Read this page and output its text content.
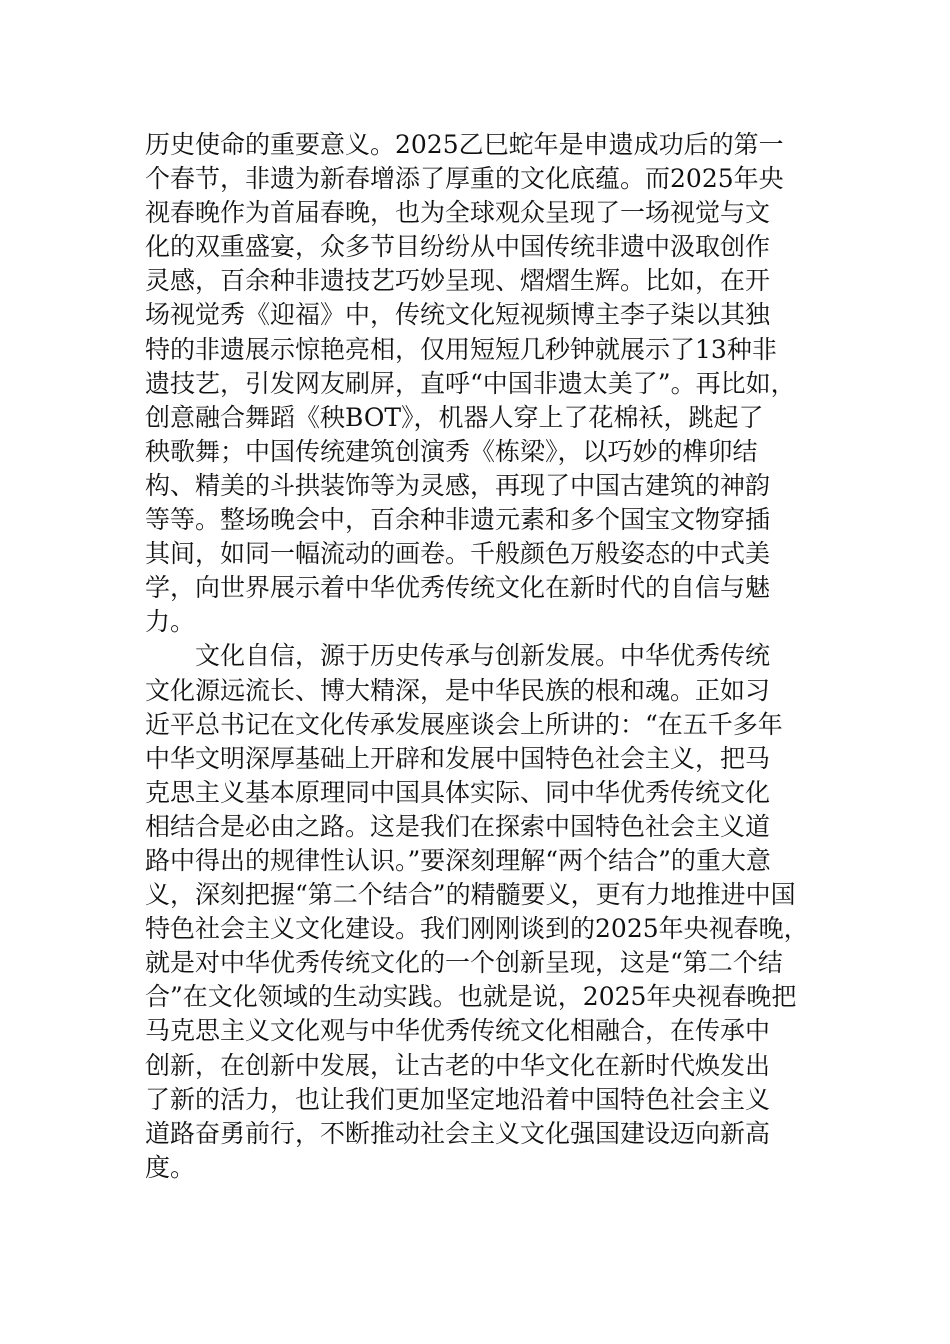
历史使命的重要意义。2025乙巳蛇年是申遗成功后的第一
个春节，非遗为新春增添了厚重的文化底蕴。而2025年央
视春晚作为首届春晚，也为全球观众呈现了一场视觉与文
化的双重盛宴，众多节目纷纷从中国传统非遗中汲取创作
灵感，百余种非遗技艺巧妙呈现、熠熠生辉。比如，在开
场视觉秀《迎福》中，传统文化短视频博主李子柒以其独
特的非遗展示惊艳亮相，仅用短短几秒钟就展示了13种非
遗技艺，引发网友刷屏，直呼“中国非遗太美了”。再比如，
创意融合舞蹈《秧BOT》，机器人穿上了花棉袄，跳起了
秧歌舞；中国传统建筑创演秀《栋梁》，以巧妙的榫卯结
构、精美的斗拱装饰等为灵感，再现了中国古建筑的神韵
等等。整场晚会中，百余种非遗元素和多个国宝文物穿插
其间，如同一幅流动的画卷。千般颜色万般姿态的中式美
学，向世界展示着中华优秀传统文化在新时代的自信与魅
力。

文化自信，源于历史传承与创新发展。中华优秀传统
文化源远流长、博大精深，是中华民族的根和魂。正如习
近平总书记在文化传承发展座谈会上所讲的：“在五千多年
中华文明深厚基础上开辟和发展中国特色社会主义，把马
克思主义基本原理同中国具体实际、同中华优秀传统文化
相结合是必由之路。这是我们在探索中国特色社会主义道
路中得出的规律性认识。”要深刻理解“两个结合”的重大意
义，深刻把握“第二个结合”的精髓要义，更有力地推进中国
特色社会主义文化建设。我们刚刚谈到的2025年央视春晚，
就是对中华优秀传统文化的一个创新呈现，这是“第二个结
合”在文化领域的生动实践。也就是说，2025年央视春晚把
马克思主义文化观与中华优秀传统文化相融合，在传承中
创新，在创新中发展，让古老的中华文化在新时代焕发出
了新的活力，也让我们更加坚定地沿着中国特色社会主义
道路奋勇前行，不断推动社会主义文化强国建设迈向新高
度。
